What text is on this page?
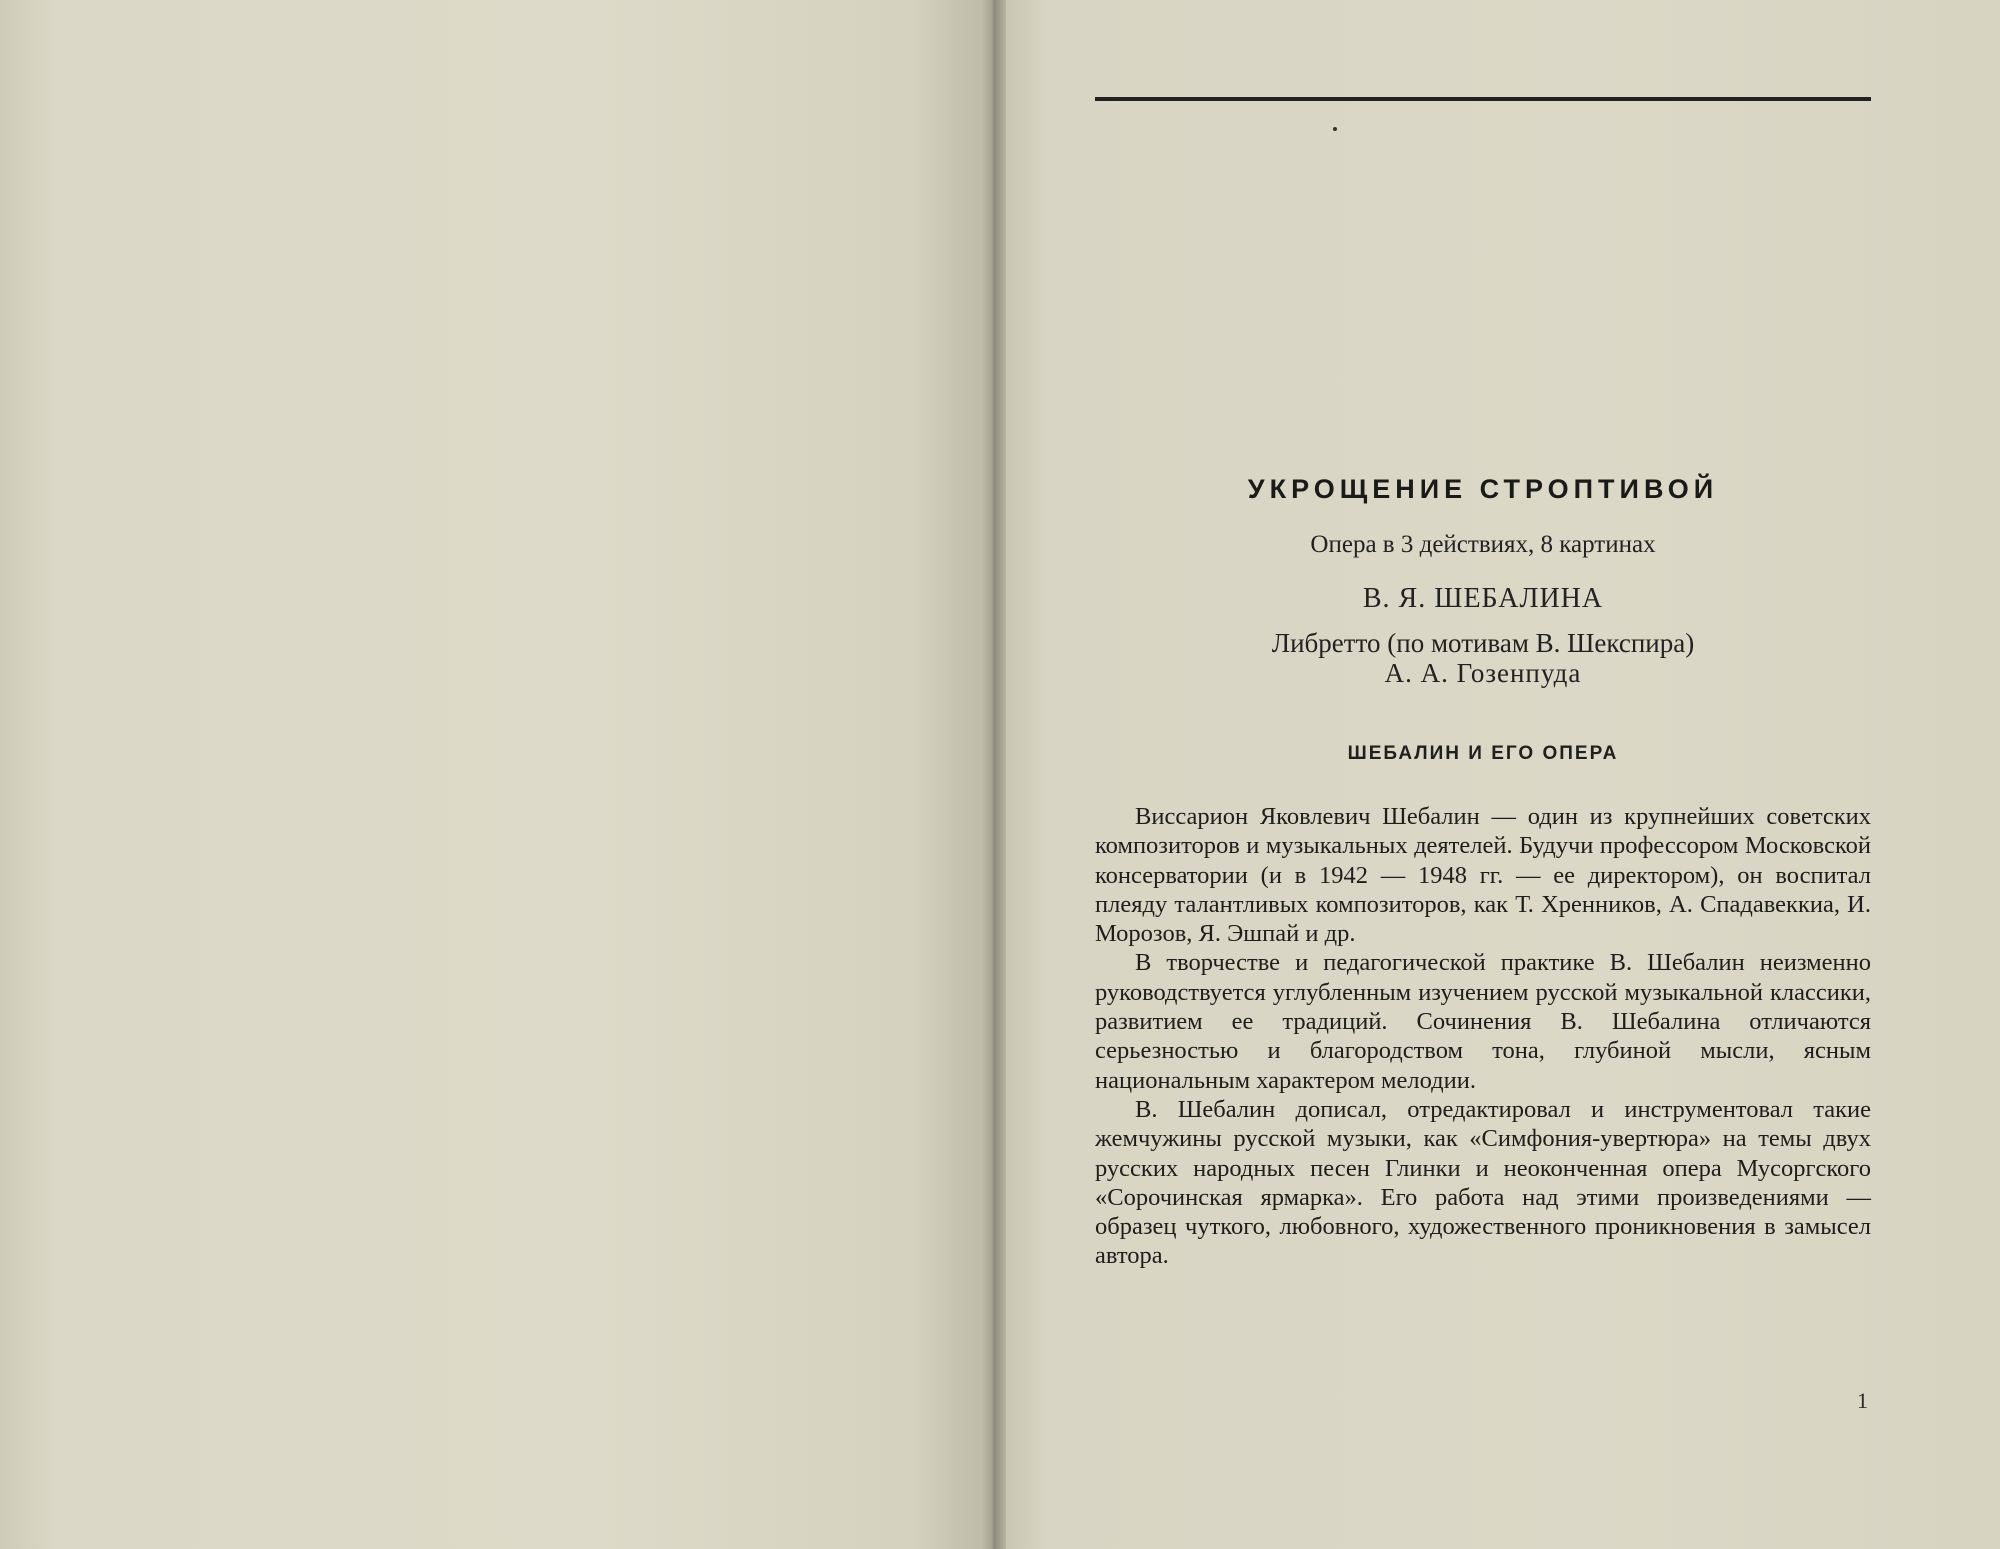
УКРОЩЕНИЕ СТРОПТИВОЙ
Опера в 3 действиях, 8 картинах
В. Я. ШЕБАЛИНА
Либретто (по мотивам В. Шекспира)
А. А. Гозенпуда
ШЕБАЛИН И ЕГО ОПЕРА

Виссарион Яковлевич Шебалин — один из крупнейших советских композиторов и музыкальных деятелей. Будучи профессором Московской консерватории (и в 1942 — 1948 гг. — ее директором), он воспитал плеяду талантливых композиторов, как Т. Хренников, А. Спадавеккиа, И. Морозов, Я. Эшпай и др.

В творчестве и педагогической практике В. Шебалин неизменно руководствуется углубленным изучением русской музыкальной классики, развитием ее традиций. Сочинения В. Шебалина отличаются серьезностью и благородством тона, глубиной мысли, ясным национальным характером мелодии.

В. Шебалин дописал, отредактировал и инструментовал такие жемчужины русской музыки, как «Симфония-увертюра» на темы двух русских народных песен Глинки и неоконченная опера Мусоргского «Сорочинская ярмарка». Его работа над этими произведениями — образец чуткого, любовного, художественного проникновения в замысел автора.

1
